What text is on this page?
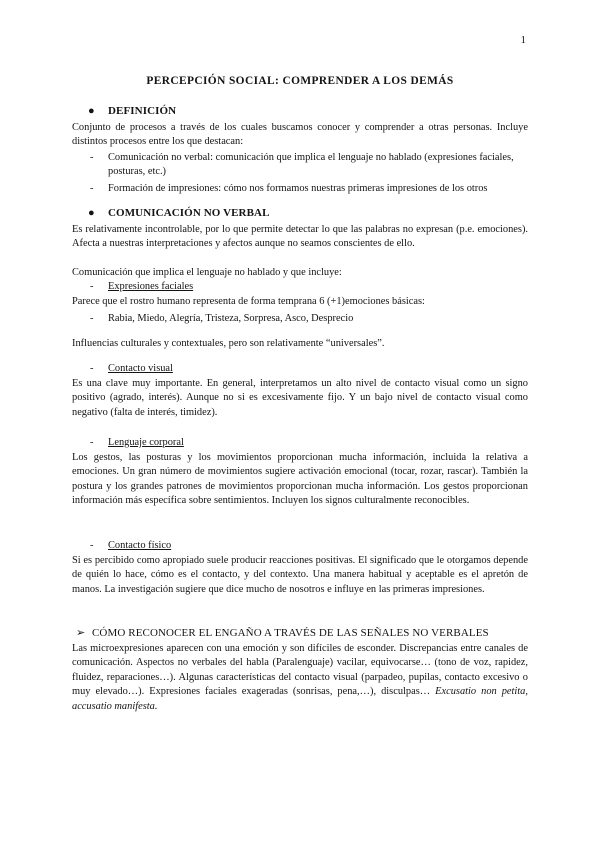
1
PERCEPCIÓN SOCIAL: COMPRENDER A LOS DEMÁS
● DEFINICIÓN

Conjunto de procesos a través de los cuales buscamos conocer y comprender a otras personas. Incluye distintos procesos entre los que destacan:

- Comunicación no verbal: comunicación que implica el lenguaje no hablado (expresiones faciales, posturas, etc.)
- Formación de impresiones: cómo nos formamos nuestras primeras impresiones de los otros
● COMUNICACIÓN NO VERBAL

Es relativamente incontrolable, por lo que permite detectar lo que las palabras no expresan (p.e. emociones). Afecta a nuestras interpretaciones y afectos aunque no seamos conscientes de ello.

Comunicación que implica el lenguaje no hablado y que incluye:

- Expresiones faciales

Parece que el rostro humano representa de forma temprana 6 (+1)emociones básicas:

- Rabia, Miedo, Alegría, Tristeza, Sorpresa, Asco, Desprecio

Influencias culturales y contextuales, pero son relativamente “universales”.

- Contacto visual

Es una clave muy importante. En general, interpretamos un alto nivel de contacto visual como un signo positivo (agrado, interés). Aunque no si es excesivamente fijo. Y un bajo nivel de contacto visual como negativo (falta de interés, timidez).

- Lenguaje corporal

Los gestos, las posturas y los movimientos proporcionan mucha información, incluida la relativa a emociones. Un gran número de movimientos sugiere activación emocional (tocar, rozar, rascar). También la postura y los grandes patrones de movimientos proporcionan mucha información. Los gestos proporcionan información más específica sobre sentimientos. Incluyen los signos culturalmente reconocibles.

- Contacto físico

Si es percibido como apropiado suele producir reacciones positivas. El significado que le otorgamos depende de quién lo hace, cómo es el contacto, y del contexto. Una manera habitual y aceptable es el apretón de manos. La investigación sugiere que dice mucho de nosotros e influye en las primeras impresiones.

➢ CÓMO RECONOCER EL ENGAÑO A TRAVÉS DE LAS SEÑALES NO VERBALES

Las microexpresiones aparecen con una emoción y son difíciles de esconder. Discrepancias entre canales de comunicación. Aspectos no verbales del habla (Paralenguaje) vacilar, equivocarse… (tono de voz, rapidez, fluidez, reparaciones…). Algunas características del contacto visual (parpadeo, pupilas, contacto excesivo o muy elevado…). Expresiones faciales exageradas (sonrisas, pena,…), disculpas… Excusatio non petita, accusatio manifesta.
